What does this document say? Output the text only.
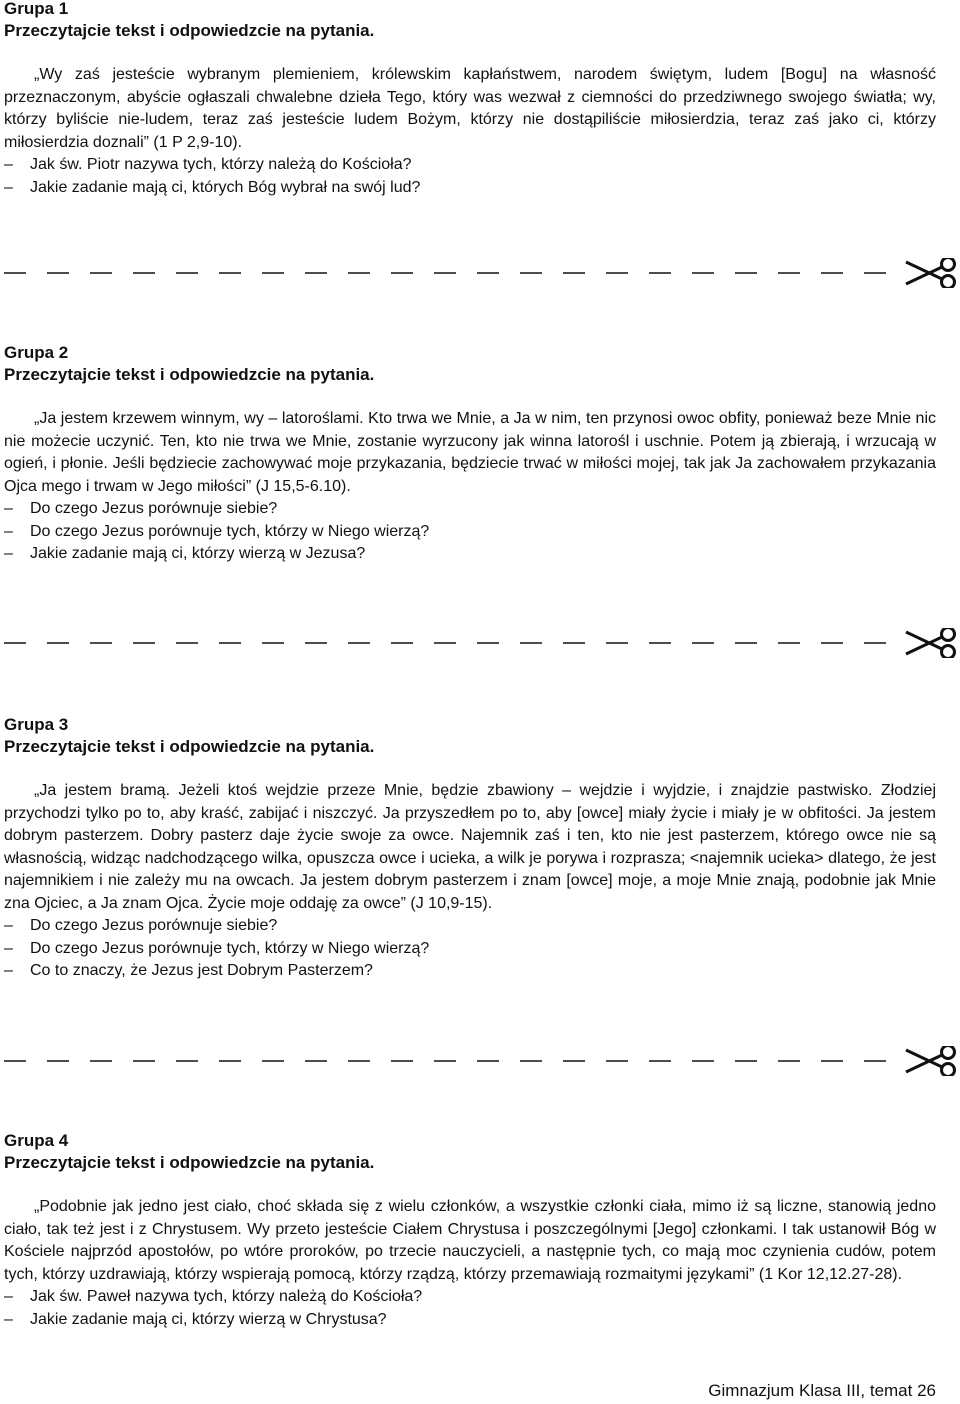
Grupa 1

Przeczytajcie tekst i odpowiedzcie na pytania.

„Wy zaś jesteście wybranym plemieniem, królewskim kapłaństwem, narodem świętym, ludem [Bogu] na własność przeznaczonym, abyście ogłaszali chwalebne dzieła Tego, który was wezwał z ciemności do przedziwnego swojego światła; wy, którzy byliście nie-ludem, teraz zaś jesteście ludem Bożym, którzy nie dostąpiliście miłosierdzia, teraz zaś jako ci, którzy miłosierdzia doznali” (1 P 2,9-10).

– Jak św. Piotr nazywa tych, którzy należą do Kościoła?
– Jakie zadanie mają ci, których Bóg wybrał na swój lud?

Grupa 2

Przeczytajcie tekst i odpowiedzcie na pytania.

„Ja jestem krzewem winnym, wy – latoroślami. Kto trwa we Mnie, a Ja w nim, ten przynosi owoc obfity, ponieważ beze Mnie nic nie możecie uczynić. Ten, kto nie trwa we Mnie, zostanie wyrzucony jak winna latorośl i uschnie. Potem ją zbierają, i wrzucają w ogień, i płonie. Jeśli będziecie zachowywać moje przykazania, będziecie trwać w miłości mojej, tak jak Ja zachowałem przykazania Ojca mego i trwam w Jego miłości” (J 15,5-6.10).

– Do czego Jezus porównuje siebie?
– Do czego Jezus porównuje tych, którzy w Niego wierzą?
– Jakie zadanie mają ci, którzy wierzą w Jezusa?

Grupa 3

Przeczytajcie tekst i odpowiedzcie na pytania.

„Ja jestem bramą. Jeżeli ktoś wejdzie przeze Mnie, będzie zbawiony – wejdzie i wyjdzie, i znajdzie pastwisko. Złodziej przychodzi tylko po to, aby kraść, zabijać i niszczyć. Ja przyszedłem po to, aby [owce] miały życie i miały je w obfitości. Ja jestem dobrym pasterzem. Dobry pasterz daje życie swoje za owce. Najemnik zaś i ten, kto nie jest pasterzem, którego owce nie są własnością, widząc nadchodzącego wilka, opuszcza owce i ucieka, a wilk je porywa i rozprasza; <najemnik ucieka> dlatego, że jest najemnikiem i nie zależy mu na owcach. Ja jestem dobrym pasterzem i znam [owce] moje, a moje Mnie znają, podobnie jak Mnie zna Ojciec, a Ja znam Ojca. Życie moje oddaję za owce” (J 10,9-15).

– Do czego Jezus porównuje siebie?
– Do czego Jezus porównuje tych, którzy w Niego wierzą?
– Co to znaczy, że Jezus jest Dobrym Pasterzem?

Grupa 4

Przeczytajcie tekst i odpowiedzcie na pytania.

„Podobnie jak jedno jest ciało, choć składa się z wielu członków, a wszystkie członki ciała, mimo iż są liczne, stanowią jedno ciało, tak też jest i z Chrystusem. Wy przeto jesteście Ciałem Chrystusa i poszczególnymi [Jego] członkami. I tak ustanowił Bóg w Kościele najprzód apostołów, po wtóre proroków, po trzecie nauczycieli, a następnie tych, co mają moc czynienia cudów, potem tych, którzy uzdrawiają, którzy wspierają pomocą, którzy rządzą, którzy przemawiają rozmaitymi językami” (1 Kor 12,12.27-28).

– Jak św. Paweł nazywa tych, którzy należą do Kościoła?
– Jakie zadanie mają ci, którzy wierzą w Chrystusa?
Gimnazjum Klasa III, temat 26
